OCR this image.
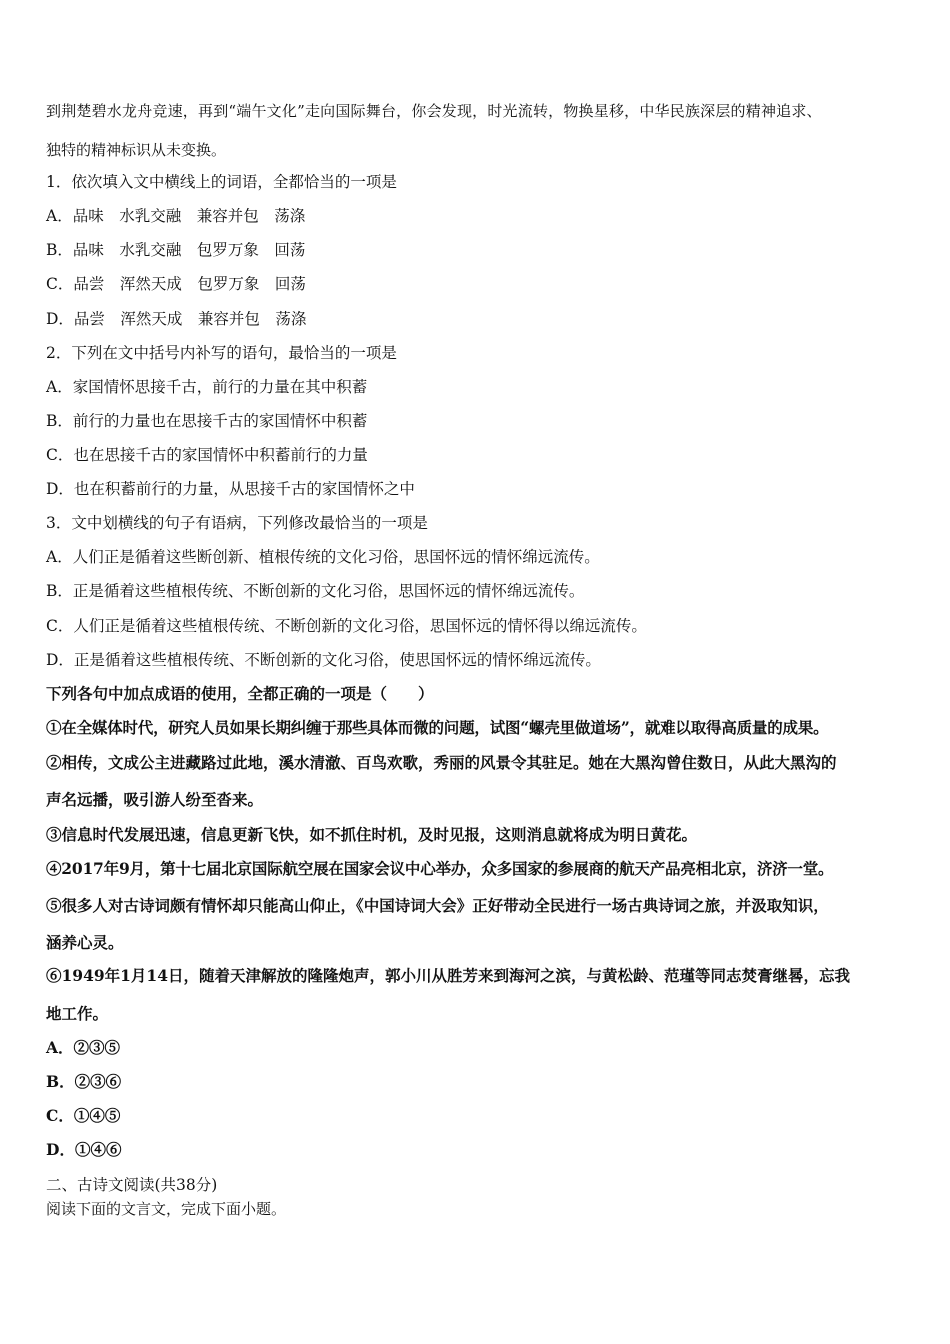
到荆楚碧水龙舟竞速，再到“端午文化”走向国际舞台，你会发现，时光流转，物换星移，中华民族深层的精神追求、
独特的精神标识从未变换。
1．依次填入文中横线上的词语，全都恰当的一项是
A．品味　水乳交融　兼容并包　荡涤
B．品味　水乳交融　包罗万象　回荡
C．品尝　浑然天成　包罗万象　回荡
D．品尝　浑然天成　兼容并包　荡涤
2．下列在文中括号内补写的语句，最恰当的一项是
A．家国情怀思接千古，前行的力量在其中积蓄
B．前行的力量也在思接千古的家国情怀中积蓄
C．也在思接千古的家国情怀中积蓄前行的力量
D．也在积蓄前行的力量，从思接千古的家国情怀之中
3．文中划横线的句子有语病，下列修改最恰当的一项是
A．人们正是循着这些断创新、植根传统的文化习俗，思国怀远的情怀绵远流传。
B．正是循着这些植根传统、不断创新的文化习俗，思国怀远的情怀绵远流传。
C．人们正是循着这些植根传统、不断创新的文化习俗，思国怀远的情怀得以绵远流传。
D．正是循着这些植根传统、不断创新的文化习俗，使思国怀远的情怀绵远流传。
下列各句中加点成语的使用，全都正确的一项是（　　）
①在全媒体时代，研究人员如果长期纠缠于那些具体而微的问题，试图“螺壳里做道场”，就难以取得高质量的成果。
②相传，文成公主进藏路过此地，溪水清澈、百鸟欢歌，秀丽的风景令其驻足。她在大黑沟曾住数日，从此大黑沟的
声名远播，吸引游人纷至沓来。
③信息时代发展迅速，信息更新飞快，如不抓住时机，及时见报，这则消息就将成为明日黄花。
④2017年9月，第十七届北京国际航空展在国家会议中心举办，众多国家的参展商的航天产品亮相北京，济济一堂。
⑤很多人对古诗词颇有情怀却只能高山仰止，《中国诗词大会》正好带动全民进行一场古典诗词之旅，并汲取知识，
涵养心灵。
⑥1949年1月14日，随着天津解放的隆隆炮声，郭小川从胜芳来到海河之滨，与黄松龄、范瑾等同志焚膏继晷，忘我
地工作。
A．②③⑤
B．②③⑥
C．①④⑤
D．①④⑥
二、古诗文阅读(共38分)
阅读下面的文言文，完成下面小题。
